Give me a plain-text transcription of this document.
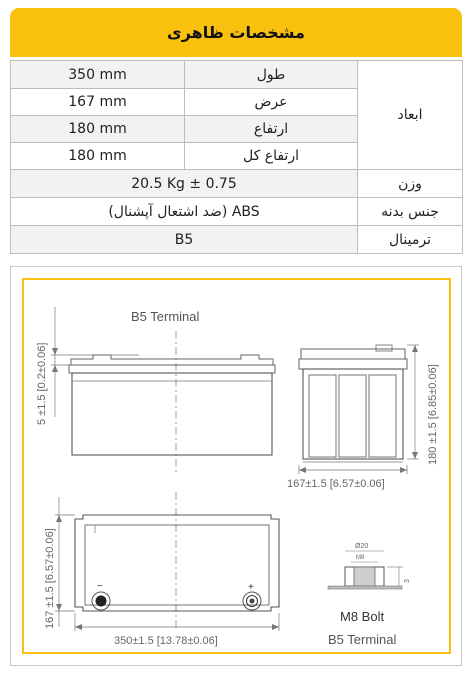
مشخصات ظاهری
350 mm	طول	ابعاد
167 mm	عرض	
180 mm	ارتفاع	
180 mm	ارتفاع کل	
20.5 Kg ± 0.75		وزن
ABS (ضد اشتعال آپشنال)		جنس بدنه
B5		ترمینال
B5 Terminal
5 ±1.5 [0.2±0.06]	180 ±1.5 [6.85±0.06]
167±1.5 [6.57±0.06]
−	+
167 ±1.5 [6.57±0.06]
350±1.5 [13.78±0.06]
Ø20
M8
3
M8 Bolt
B5 Terminal
